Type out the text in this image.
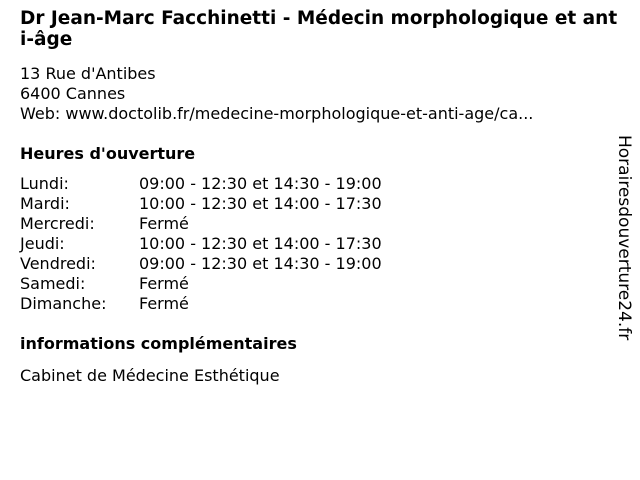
Dr Jean-Marc Facchinetti - Médecin morphologique et anti-âge
13 Rue d'Antibes
6400 Cannes
Web: www.doctolib.fr/medecine-morphologique-et-anti-age/ca...
Heures d'ouverture
Lundi:	09:00 - 12:30 et 14:30 - 19:00
Mardi:	10:00 - 12:30 et 14:00 - 17:30
Mercredi:	Fermé
Jeudi:	10:00 - 12:30 et 14:00 - 17:30
Vendredi:	09:00 - 12:30 et 14:30 - 19:00
Samedi:	Fermé
Dimanche:	Fermé
informations complémentaires
Cabinet de Médecine Esthétique
Horairesdouverture24.fr
